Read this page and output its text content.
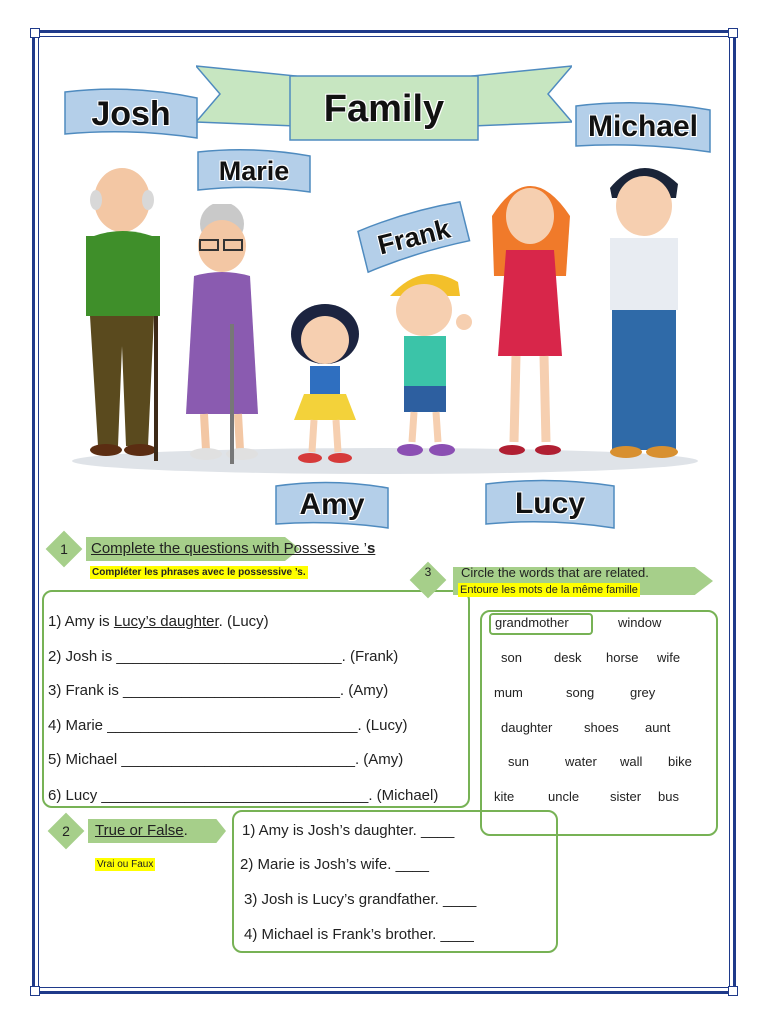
Family
Josh
Marie
Frank
Michael
Amy	Lucy
1	Complete the questions with Possessive ’s
Compléter les phrases avec le possessive ’s.
1) Amy is Lucy’s daughter. (Lucy)
2) Josh is ___________________________. (Frank)
3) Frank is __________________________. (Amy)
4) Marie ______________________________. (Lucy)
5) Michael ____________________________. (Amy)
6) Lucy ________________________________. (Michael)
2	True or False.
Vrai ou Faux
1) Amy is Josh’s daughter. ____
2) Marie is Josh’s wife. ____
3) Josh is Lucy’s grandfather. ____
4) Michael is Frank’s brother. ____
3	Circle the words that are related.
Entoure les mots de la même famille
grandmother	window
son desk horse wife
mum	song	grey
daughter shoes aunt
sun	water wall bike
kite	uncle sister bus
